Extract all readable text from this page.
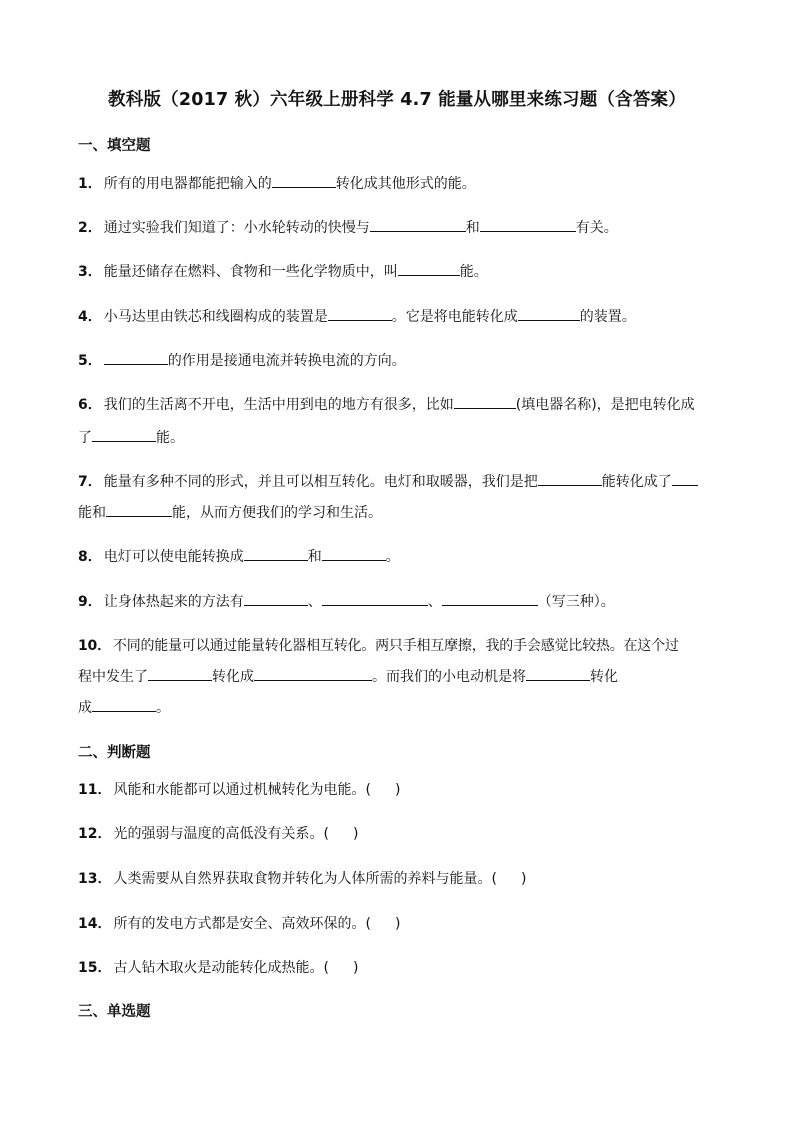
教科版（2017 秋）六年级上册科学 4.7 能量从哪里来练习题（含答案）
一、填空题
1． 所有的用电器都能把输入的	转化成其他形式的能。
2． 通过实验我们知道了：小水轮转动的快慢与	和	有关。
3． 能量还储存在燃料、食物和一些化学物质中，叫	能。
4． 小马达里由铁芯和线圈构成的装置是	。它是将电能转化成	的装置。
5．	的作用是接通电流并转换电流的方向。
6． 我们的生活离不开电，生活中用到电的地方有很多，比如	(填电器名称)，是把电转化成
了	能。
7． 能量有多种不同的形式，并且可以相互转化。电灯和取暖器，我们是把	能转化成了
能和	能，从而方便我们的学习和生活。
8． 电灯可以使电能转换成	和	。
9． 让身体热起来的方法有	、	、	（写三种）。
10． 不同的能量可以通过能量转化器相互转化。两只手相互摩擦，我的手会感觉比较热。在这个过
程中发生了	转化成	。而我们的小电动机是将	转化
成	。
二、判断题
11． 风能和水能都可以通过机械转化为电能。( )
12． 光的强弱与温度的高低没有关系。( )
13． 人类需要从自然界获取食物并转化为人体所需的养料与能量。( )
14． 所有的发电方式都是安全、高效环保的。( )
15． 古人钻木取火是动能转化成热能。( )
三、单选题
